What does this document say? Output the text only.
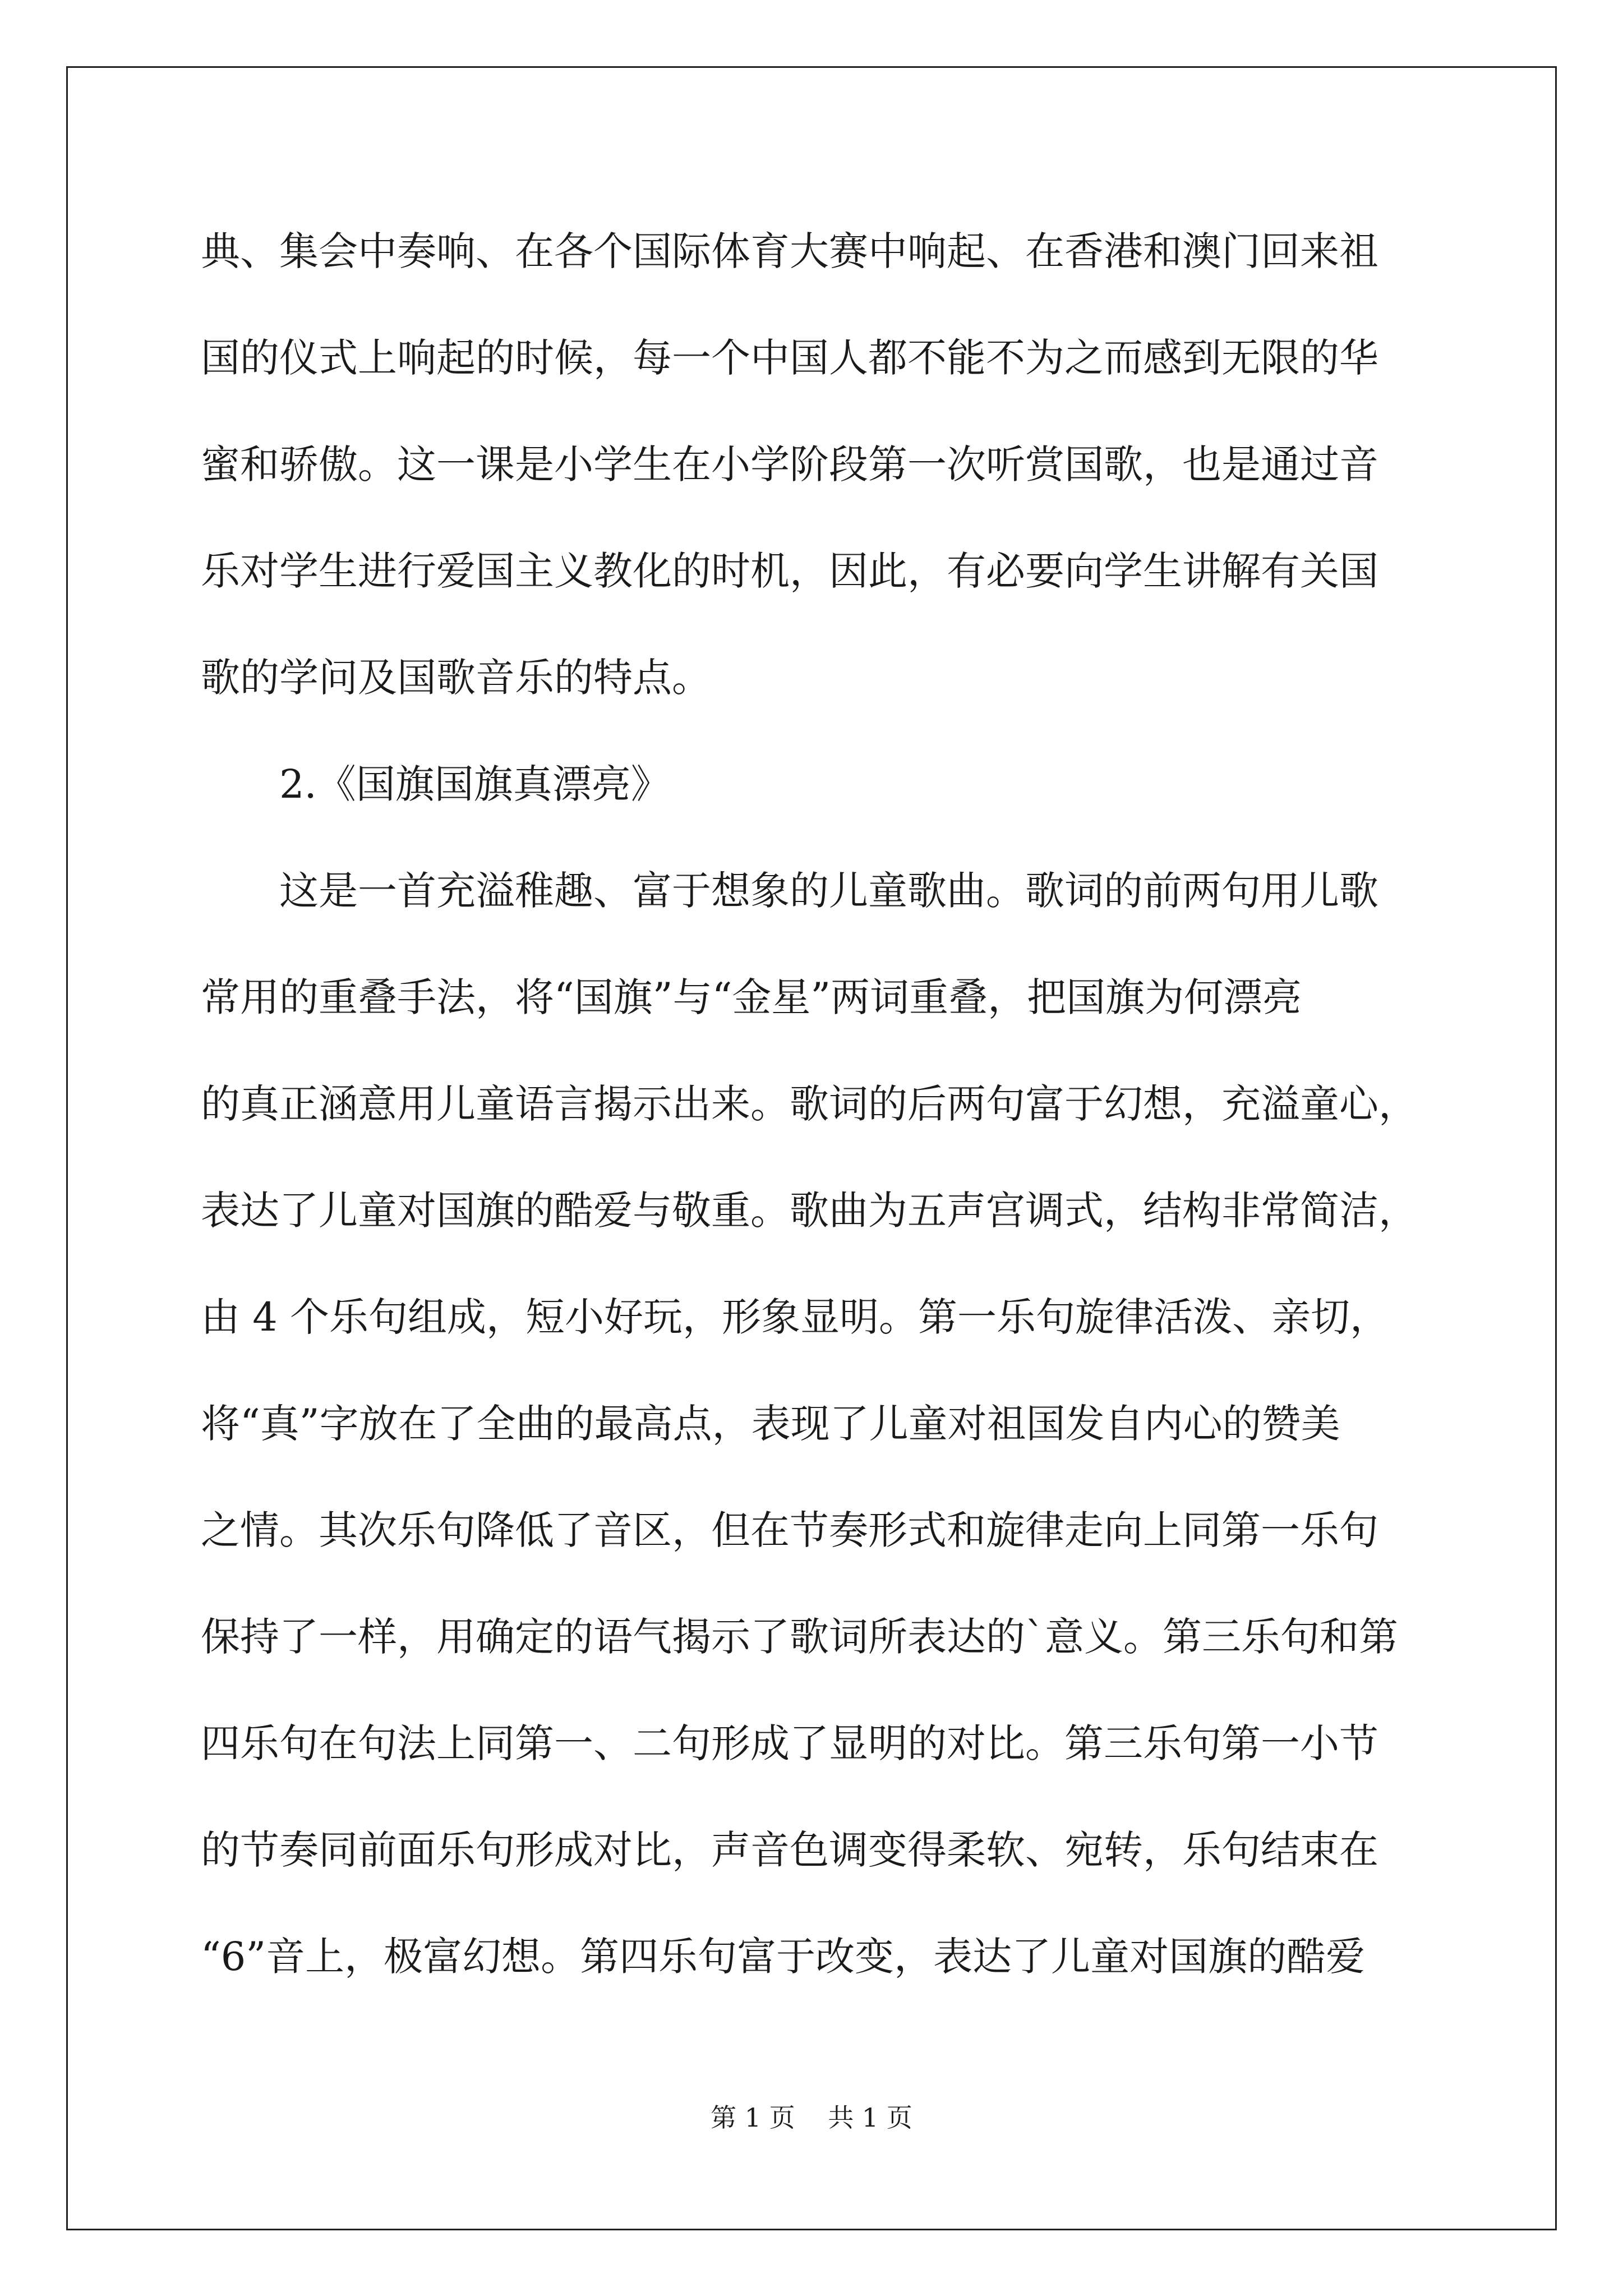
典、集会中奏响、在各个国际体育大赛中响起、在香港和澳门回来祖
国的仪式上响起的时候，每一个中国人都不能不为之而感到无限的华
蜜和骄傲。这一课是小学生在小学阶段第一次听赏国歌，也是通过音
乐对学生进行爱国主义教化的时机，因此，有必要向学生讲解有关国
歌的学问及国歌音乐的特点。
2.《国旗国旗真漂亮》
这是一首充溢稚趣、富于想象的儿童歌曲。歌词的前两句用儿歌
常用的重叠手法，将“国旗”与“金星”两词重叠，把国旗为何漂亮
的真正涵意用儿童语言揭示出来。歌词的后两句富于幻想，充溢童心，
表达了儿童对国旗的酷爱与敬重。歌曲为五声宫调式，结构非常简洁，
由 4 个乐句组成，短小好玩，形象显明。第一乐句旋律活泼、亲切，
将“真”字放在了全曲的最高点，表现了儿童对祖国发自内心的赞美
之情。其次乐句降低了音区，但在节奏形式和旋律走向上同第一乐句
保持了一样，用确定的语气揭示了歌词所表达的`意义。第三乐句和第
四乐句在句法上同第一、二句形成了显明的对比。第三乐句第一小节
的节奏同前面乐句形成对比，声音色调变得柔软、宛转，乐句结束在
“6”音上，极富幻想。第四乐句富于改变，表达了儿童对国旗的酷爱
第 1 页 共 1 页
